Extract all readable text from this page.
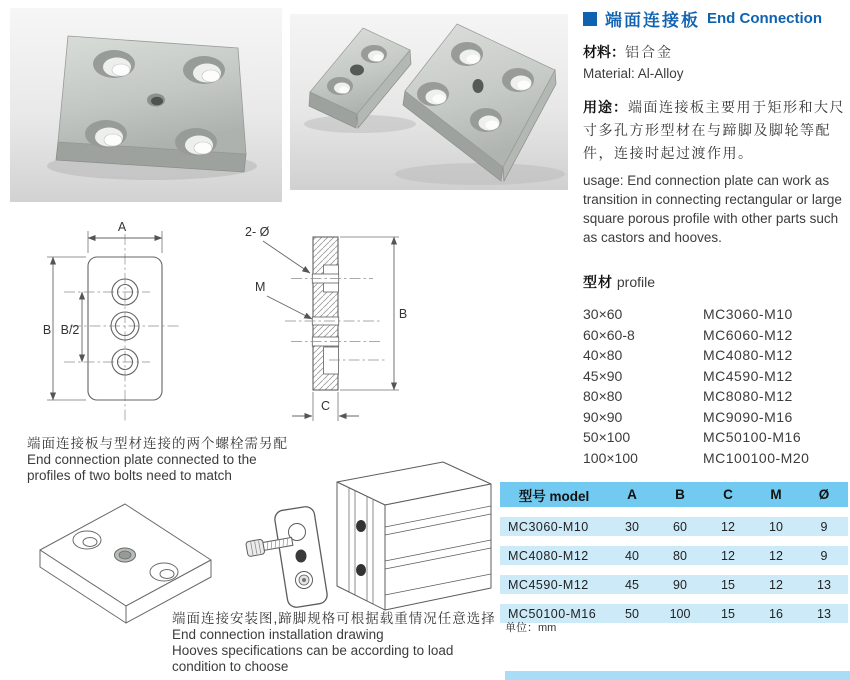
端面连接板 End Connection
材料：铝合金
Material: Al-Alloy
用途：端面连接板主要用于矩形和大尺寸多孔方形型材在与蹄脚及脚轮等配件，连接时起过渡作用。
usage: End connection plate can work as transition in connecting rectangular or large square porous profile with other parts such as castors and hooves.
型材 profile
30×60	MC3060-M10
60×60-8	MC6060-M12
40×80	MC4080-M12
45×90	MC4590-M12
80×80	MC8080-M12
90×90	MC9090-M16
50×100	MC50100-M16
100×100	MC100100-M20
A
B B/2
2- Ø
M
B
C
端面连接板与型材连接的两个螺栓需另配
End connection plate connected to the
profiles of two bolts need to match
端面连接安装图,蹄脚规格可根据载重情况任意选择
End connection installation drawing
Hooves specifications can be according to load
condition to choose
型号 model	A	B	C	M	Ø
MC3060-M10	30	60	12	10	9
MC4080-M12	40	80	12	12	9
MC4590-M12	45	90	15	12	13
MC50100-M16	50	100	15	16	13
单位：mm
